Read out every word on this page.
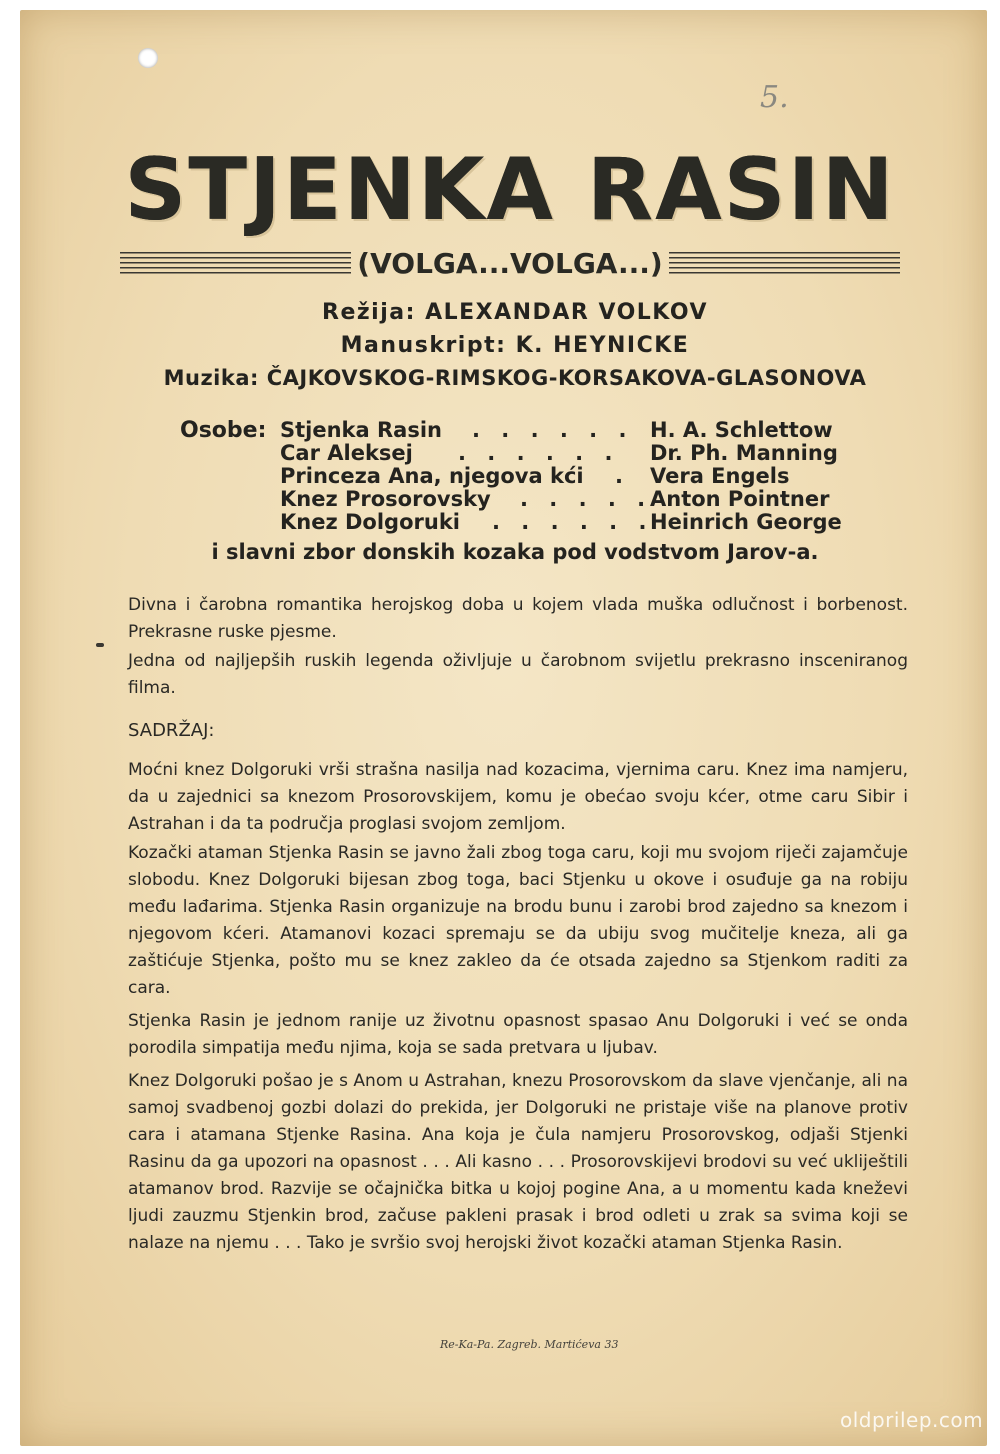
5.
STJENKA RASIN
(VOLGA...VOLGA...)
Režija: ALEXANDAR VOLKOV
Manuskript: K. HEYNICKE
Muzika: ČAJKOVSKOG-RIMSKOG-KORSAKOVA-GLASONOVA
Osobe: Stjenka Rasin . . . . . . H. A. Schlettow
Car Aleksej . . . . . . Dr. Ph. Manning
Princeza Ana, njegova kći . Vera Engels
Knez Prosorovsky . . . . .
Anton Pointner
Knez Dolgoruki . . . . . .
Heinrich George
i slavni zbor donskih kozaka pod vodstvom Jarov-a.
Divna i čarobna romantika herojskog doba u kojem vlada muška odlučnost i borbenost. Prekrasne ruske pjesme.
Jedna od najljepših ruskih legenda oživljuje u čarobnom svijetlu prekrasno insceniranog filma.
SADRŽAJ:
Moćni knez Dolgoruki vrši strašna nasilja nad kozacima, vjernima caru. Knez ima namjeru, da u zajednici sa knezom Prosorovskijem, komu je obećao svoju kćer, otme caru Sibir i Astrahan i da ta područja proglasi svojom zemljom.
Kozački ataman Stjenka Rasin se javno žali zbog toga caru, koji mu svojom riječi zajamčuje slobodu. Knez Dolgoruki bijesan zbog toga, baci Stjenku u okove i osuđuje ga na robiju među lađarima. Stjenka Rasin organizuje na brodu bunu i zarobi brod zajedno sa knezom i njegovom kćeri. Atamanovi kozaci spremaju se da ubiju svog mučitelje kneza, ali ga zaštićuje Stjenka, pošto mu se knez zakleo da će otsada zajedno sa Stjenkom raditi za cara.
Stjenka Rasin je jednom ranije uz životnu opasnost spasao Anu Dolgoruki i već se onda porodila simpatija među njima, koja se sada pretvara u ljubav.
Knez Dolgoruki pošao je s Anom u Astrahan, knezu Prosorovskom da slave vjenčanje, ali na samoj svadbenoj gozbi dolazi do prekida, jer Dolgoruki ne pristaje više na planove protiv cara i atamana Stjenke Rasina. Ana koja je čula namjeru Prosorovskog, odjaši Stjenki Rasinu da ga upozori na opasnost . . . Ali kasno . . . Prosorovskijevi brodovi su već ukliještili atamanov brod. Razvije se očajnička bitka u kojoj pogine Ana, a u momentu kada kneževi ljudi zauzmu Stjenkin brod, začuse pakleni prasak i brod odleti u zrak sa svima koji se nalaze na njemu . . . Tako je svršio svoj herojski život kozački ataman Stjenka Rasin.
Re-Ka-Pa. Zagreb. Martićeva 33
oldprilep.com
